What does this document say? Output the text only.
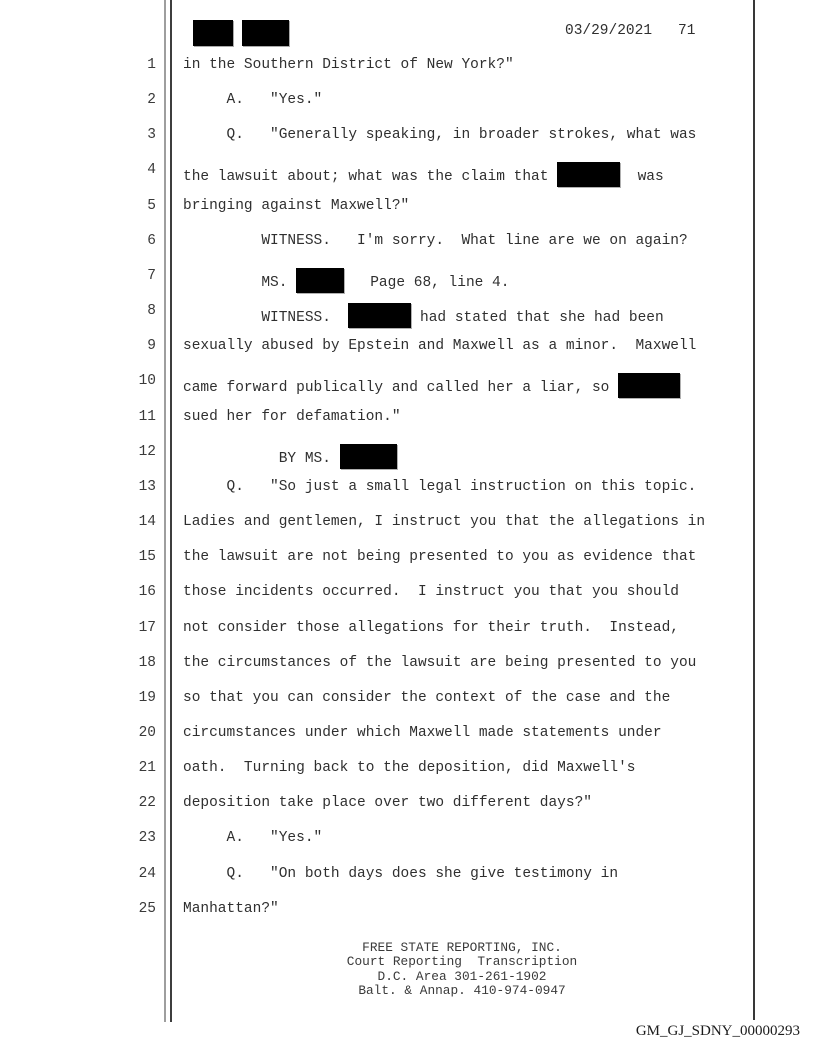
03/29/2021 71
1 in the Southern District of New York?"
2 A.   "Yes."
3 Q.   "Generally speaking, in broader strokes, what was
4 the lawsuit about; what was the claim that	was
5 bringing against Maxwell?"
6 WITNESS.   I'm sorry.  What line are we on again?
7 MS.	Page 68, line 4.
8 WITNESS.	had stated that she had been
9 sexually abused by Epstein and Maxwell as a minor.  Maxwell
10 came forward publically and called her a liar, so
11 sued her for defamation."
12 BY MS.
13 Q.   "So just a small legal instruction on this topic.
14 Ladies and gentlemen, I instruct you that the allegations in
15 the lawsuit are not being presented to you as evidence that
16 those incidents occurred.  I instruct you that you should
17 not consider those allegations for their truth.  Instead,
18 the circumstances of the lawsuit are being presented to you
19 so that you can consider the context of the case and the
20 circumstances under which Maxwell made statements under
21 oath.  Turning back to the deposition, did Maxwell's
22 deposition take place over two different days?"
23 A.   "Yes."
24 Q.   "On both days does she give testimony in
25 Manhattan?"
FREE STATE REPORTING, INC.
Court Reporting  Transcription
D.C. Area 301-261-1902
Balt. & Annap. 410-974-0947
GM_GJ_SDNY_00000293
